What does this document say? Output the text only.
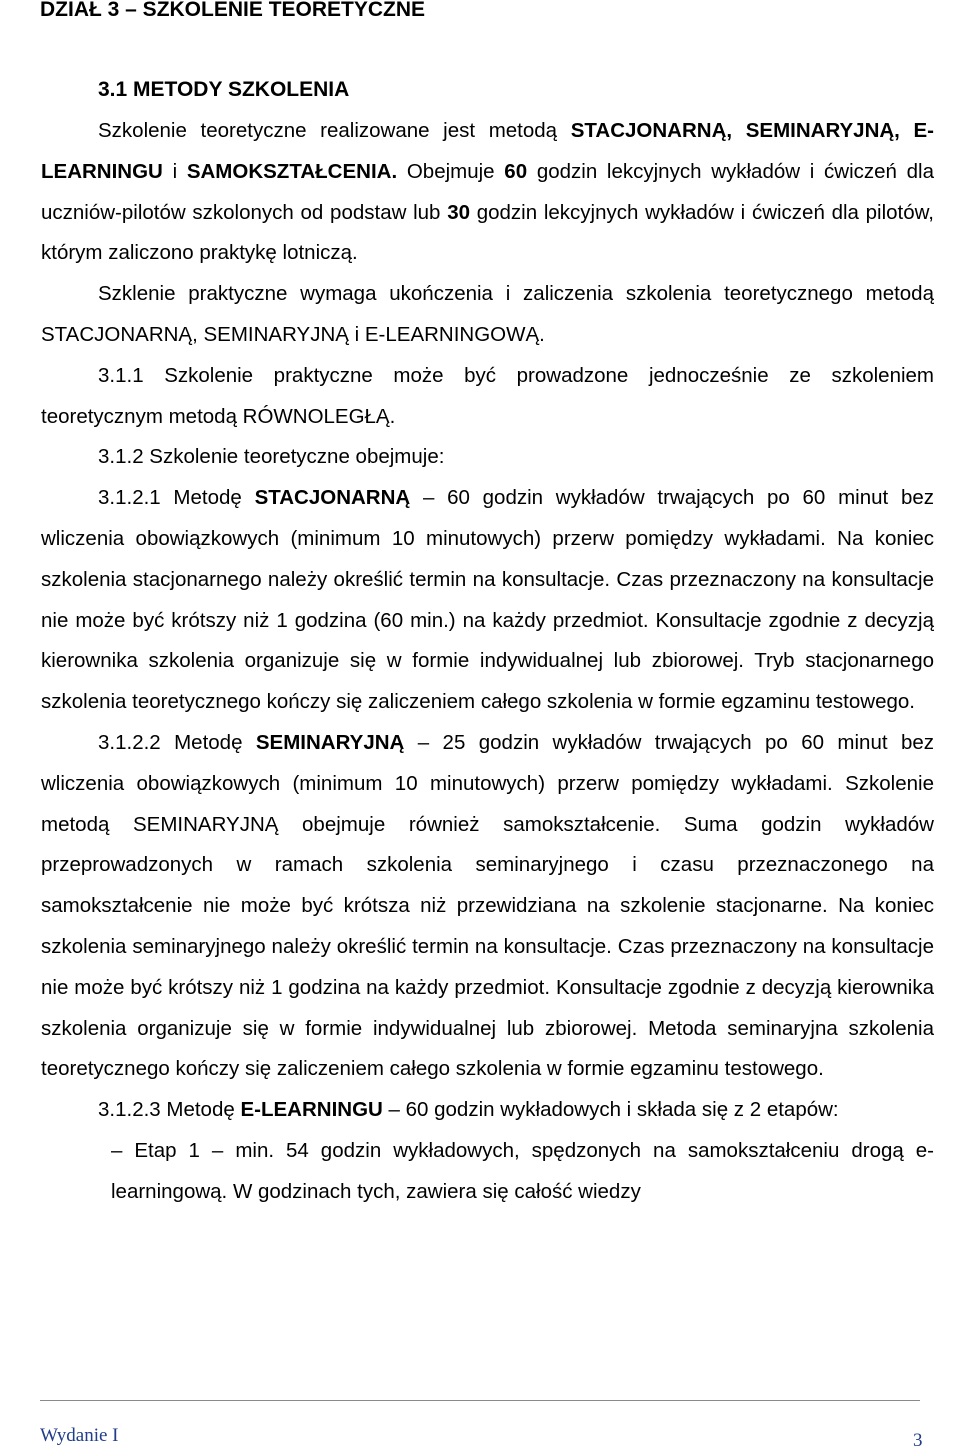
DZIAŁ 3 – SZKOLENIE TEORETYCZNE
3.1 METODY SZKOLENIA

Szkolenie teoretyczne realizowane jest metodą STACJONARNĄ, SEMINARYJNĄ, E-LEARNINGU i SAMOKSZTAŁCENIA. Obejmuje 60 godzin lekcyjnych wykładów i ćwiczeń dla uczniów-pilotów szkolonych od podstaw lub 30 godzin lekcyjnych wykładów i ćwiczeń dla pilotów, którym zaliczono praktykę lotniczą.

Szklenie praktyczne wymaga ukończenia i zaliczenia szkolenia teoretycznego metodą STACJONARNĄ, SEMINARYJNĄ i E-LEARNINGOWĄ.

3.1.1 Szkolenie praktyczne może być prowadzone jednocześnie ze szkoleniem teoretycznym metodą RÓWNOLEGŁĄ.

3.1.2 Szkolenie teoretyczne obejmuje:

3.1.2.1 Metodę STACJONARNĄ – 60 godzin wykładów trwających po 60 minut bez wliczenia obowiązkowych (minimum 10 minutowych) przerw pomiędzy wykładami. Na koniec szkolenia stacjonarnego należy określić termin na konsultacje. Czas przeznaczony na konsultacje nie może być krótszy niż 1 godzina (60 min.) na każdy przedmiot. Konsultacje zgodnie z decyzją kierownika szkolenia organizuje się w formie indywidualnej lub zbiorowej. Tryb stacjonarnego szkolenia teoretycznego kończy się zaliczeniem całego szkolenia w formie egzaminu testowego.

3.1.2.2 Metodę SEMINARYJNĄ – 25 godzin wykładów trwających po 60 minut bez wliczenia obowiązkowych (minimum 10 minutowych) przerw pomiędzy wykładami. Szkolenie metodą SEMINARYJNĄ obejmuje również samokształcenie. Suma godzin wykładów przeprowadzonych w ramach szkolenia seminaryjnego i czasu przeznaczonego na samokształcenie nie może być krótsza niż przewidziana na szkolenie stacjonarne. Na koniec szkolenia seminaryjnego należy określić termin na konsultacje. Czas przeznaczony na konsultacje nie może być krótszy niż 1 godzina na każdy przedmiot. Konsultacje zgodnie z decyzją kierownika szkolenia organizuje się w formie indywidualnej lub zbiorowej. Metoda seminaryjna szkolenia teoretycznego kończy się zaliczeniem całego szkolenia w formie egzaminu testowego.

3.1.2.3 Metodę E-LEARNINGU – 60 godzin wykładowych i składa się z 2 etapów:

– Etap 1 – min. 54 godzin wykładowych, spędzonych na samokształceniu drogą e-learningową. W godzinach tych, zawiera się całość wiedzy

Wydanie I	3
